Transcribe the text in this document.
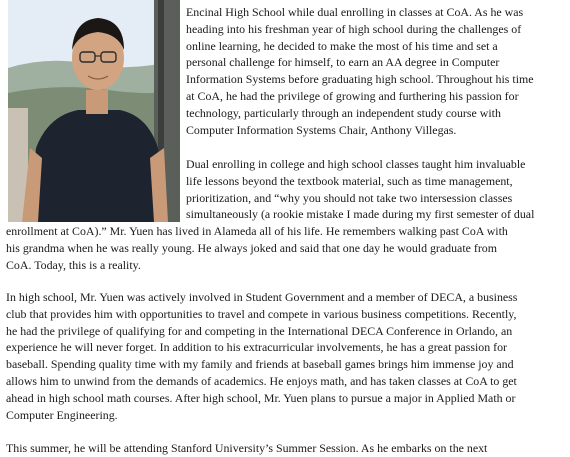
Encinal High School while dual enrolling in classes at CoA. As he was
heading into his freshman year of high school during the challenges of
online learning, he decided to make the most of his time and set a
personal challenge for himself, to earn an AA degree in Computer
Information Systems before graduating high school. Throughout his time
at CoA, he had the privilege of growing and furthering his passion for
technology, particularly through an independent study course with
Computer Information Systems Chair, Anthony Villegas.

Dual enrolling in college and high school classes taught him invaluable
life lessons beyond the textbook material, such as time management,
prioritization, and “why you should not take two intersession classes
simultaneously (a rookie mistake I made during my first semester of dual

enrollment at CoA).” Mr. Yuen has lived in Alameda all of his life. He remembers walking past CoA with
his grandma when he was really young. He always joked and said that one day he would graduate from
CoA. Today, this is a reality.

In high school, Mr. Yuen was actively involved in Student Government and a member of DECA, a business
club that provides him with opportunities to travel and compete in various business competitions. Recently,
he had the privilege of qualifying for and competing in the International DECA Conference in Orlando, an
experience he will never forget. In addition to his extracurricular involvements, he has a great passion for
baseball. Spending quality time with my family and friends at baseball games brings him immense joy and
allows him to unwind from the demands of academics. He enjoys math, and has taken classes at CoA to get
ahead in high school math courses. After high school, Mr. Yuen plans to pursue a major in Applied Math or
Computer Engineering.

This summer, he will be attending Stanford University’s Summer Session. As he embarks on the next
